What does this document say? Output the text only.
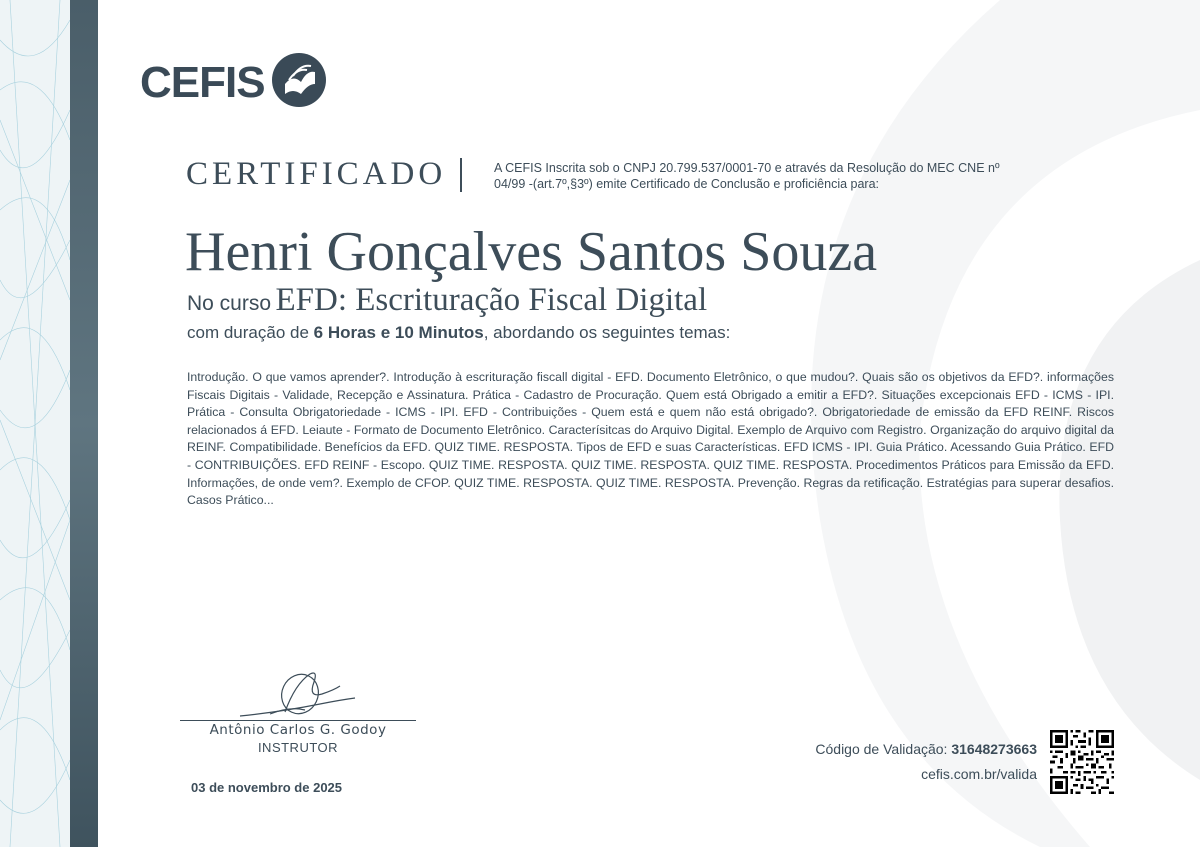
CEFIS
CERTIFICADO	A CEFIS Inscrita sob o CNPJ 20.799.537/0001-70 e através da Resolução do MEC CNE nº 04/99 -(art.7º,§3º) emite Certificado de Conclusão e proficiência para:
Henri Gonçalves Santos Souza
No curso EFD: Escrituração Fiscal Digital
com duração de 6 Horas e 10 Minutos, abordando os seguintes temas:
Introdução. O que vamos aprender?. Introdução à escrituração fiscall digital - EFD. Documento Eletrônico, o que mudou?. Quais são os objetivos da EFD?. informações Fiscais Digitais - Validade, Recepção e Assinatura. Prática - Cadastro de Procuração. Quem está Obrigado a emitir a EFD?. Situações excepcionais EFD - ICMS - IPI. Prática - Consulta Obrigatoriedade - ICMS - IPI. EFD - Contribuições - Quem está e quem não está obrigado?. Obrigatoriedade de emissão da EFD REINF. Riscos relacionados á EFD. Leiaute - Formato de Documento Eletrônico. Caracterísitcas do Arquivo Digital. Exemplo de Arquivo com Registro. Organização do arquivo digital da REINF. Compatibilidade. Benefícios da EFD. QUIZ TIME. RESPOSTA. Tipos de EFD e suas Características. EFD ICMS - IPI. Guia Prático. Acessando Guia Prático. EFD - CONTRIBUIÇÕES. EFD REINF - Escopo. QUIZ TIME. RESPOSTA. QUIZ TIME. RESPOSTA. QUIZ TIME. RESPOSTA. Procedimentos Práticos para Emissão da EFD. Informações, de onde vem?. Exemplo de CFOP. QUIZ TIME. RESPOSTA. QUIZ TIME. RESPOSTA. Prevenção. Regras da retificação. Estratégias para superar desafios. Casos Prático...
Antônio Carlos G. Godoy
INSTRUTOR
03 de novembro de 2025
Código de Validação: 31648273663
cefis.com.br/valida
